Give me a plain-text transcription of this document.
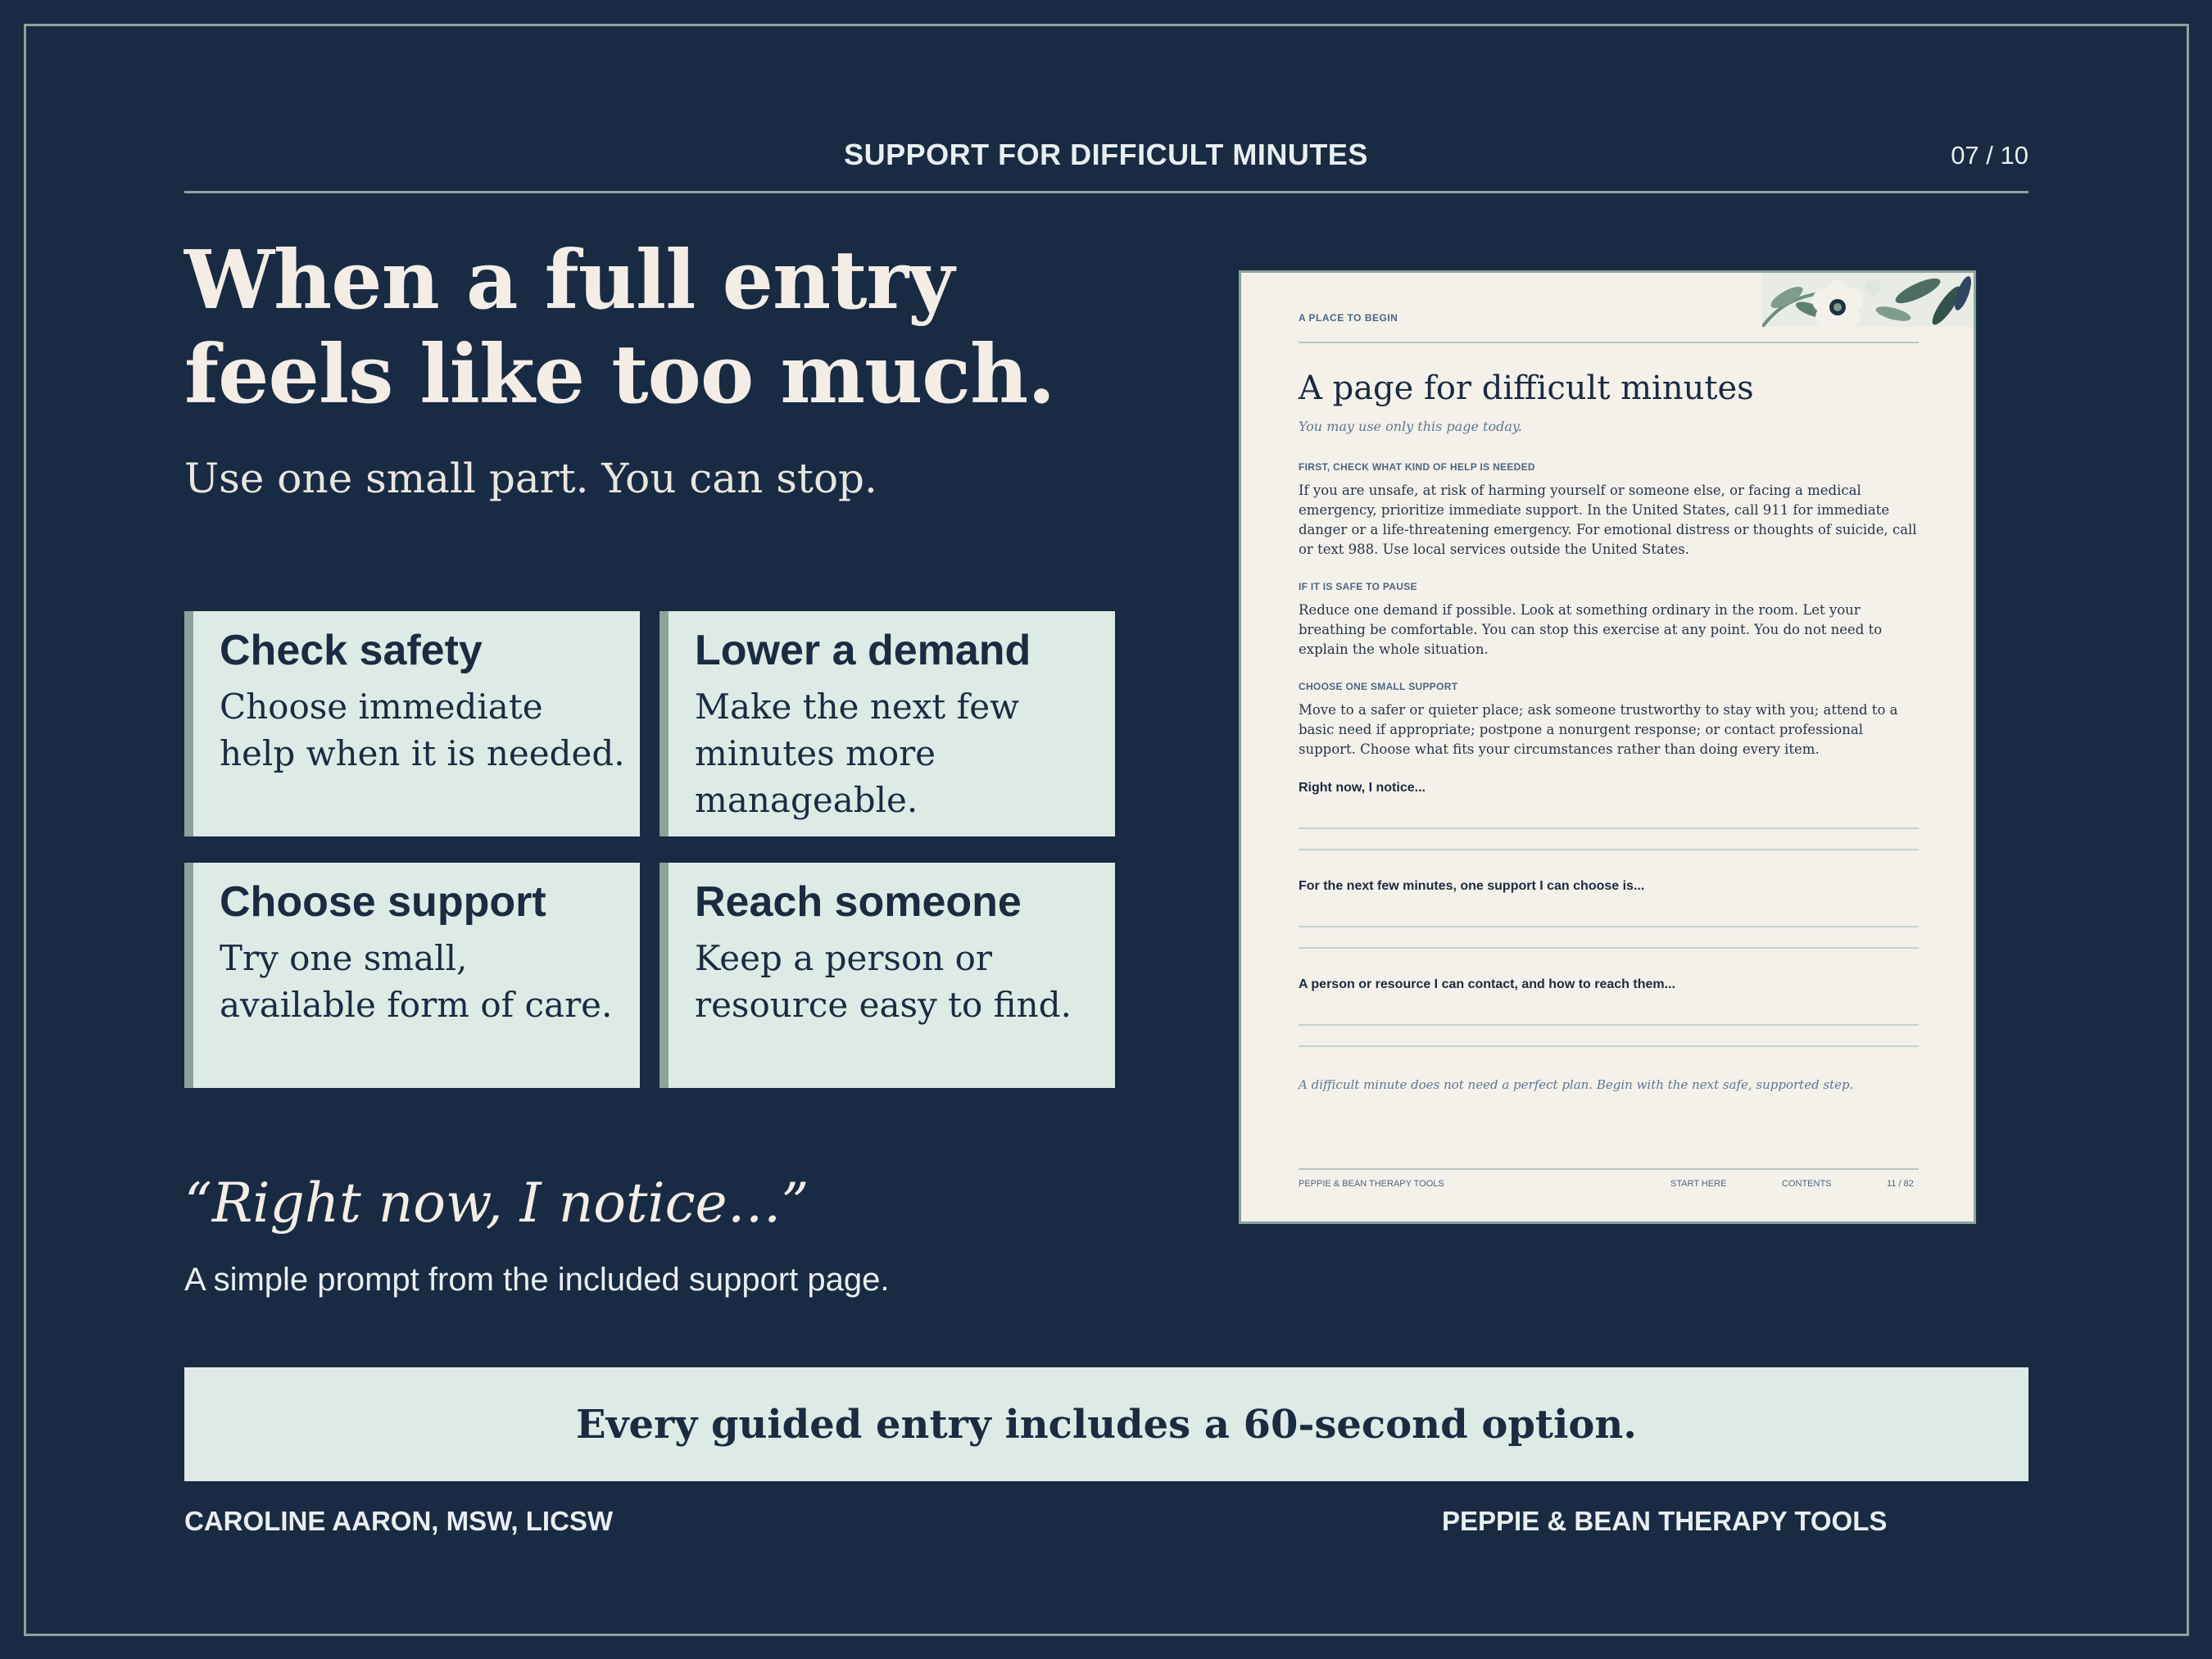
SUPPORT FOR DIFFICULT MINUTES	07 / 10
When a full entry
feels like too much.
Use one small part. You can stop.
Check safety

Choose immediate help when it is needed.

Lower a demand

Make the next few minutes more manageable.

Choose support

Try one small, available form of care.

Reach someone

Keep a person or resource easy to find.

“Right now, I notice…”
A simple prompt from the included support page.
A PLACE TO BEGIN
A page for difficult minutes
You may use only this page today.
FIRST, CHECK WHAT KIND OF HELP IS NEEDED
If you are unsafe, at risk of harming yourself or someone else, or facing a medical emergency, prioritize immediate support. In the United States, call 911 for immediate danger or a life-threatening emergency. For emotional distress or thoughts of suicide, call or text 988. Use local services outside the United States.
IF IT IS SAFE TO PAUSE
Reduce one demand if possible. Look at something ordinary in the room. Let your breathing be comfortable. You can stop this exercise at any point. You do not need to explain the whole situation.
CHOOSE ONE SMALL SUPPORT
Move to a safer or quieter place; ask someone trustworthy to stay with you; attend to a basic need if appropriate; postpone a nonurgent response; or contact professional support. Choose what fits your circumstances rather than doing every item.
Right now, I notice...
For the next few minutes, one support I can choose is...
A person or resource I can contact, and how to reach them...
A difficult minute does not need a perfect plan. Begin with the next safe, supported step.
PEPPIE & BEAN THERAPY TOOLS	START HERE	CONTENTS	11 / 82
Every guided entry includes a 60-second option.
CAROLINE AARON, MSW, LICSW	PEPPIE & BEAN THERAPY TOOLS
